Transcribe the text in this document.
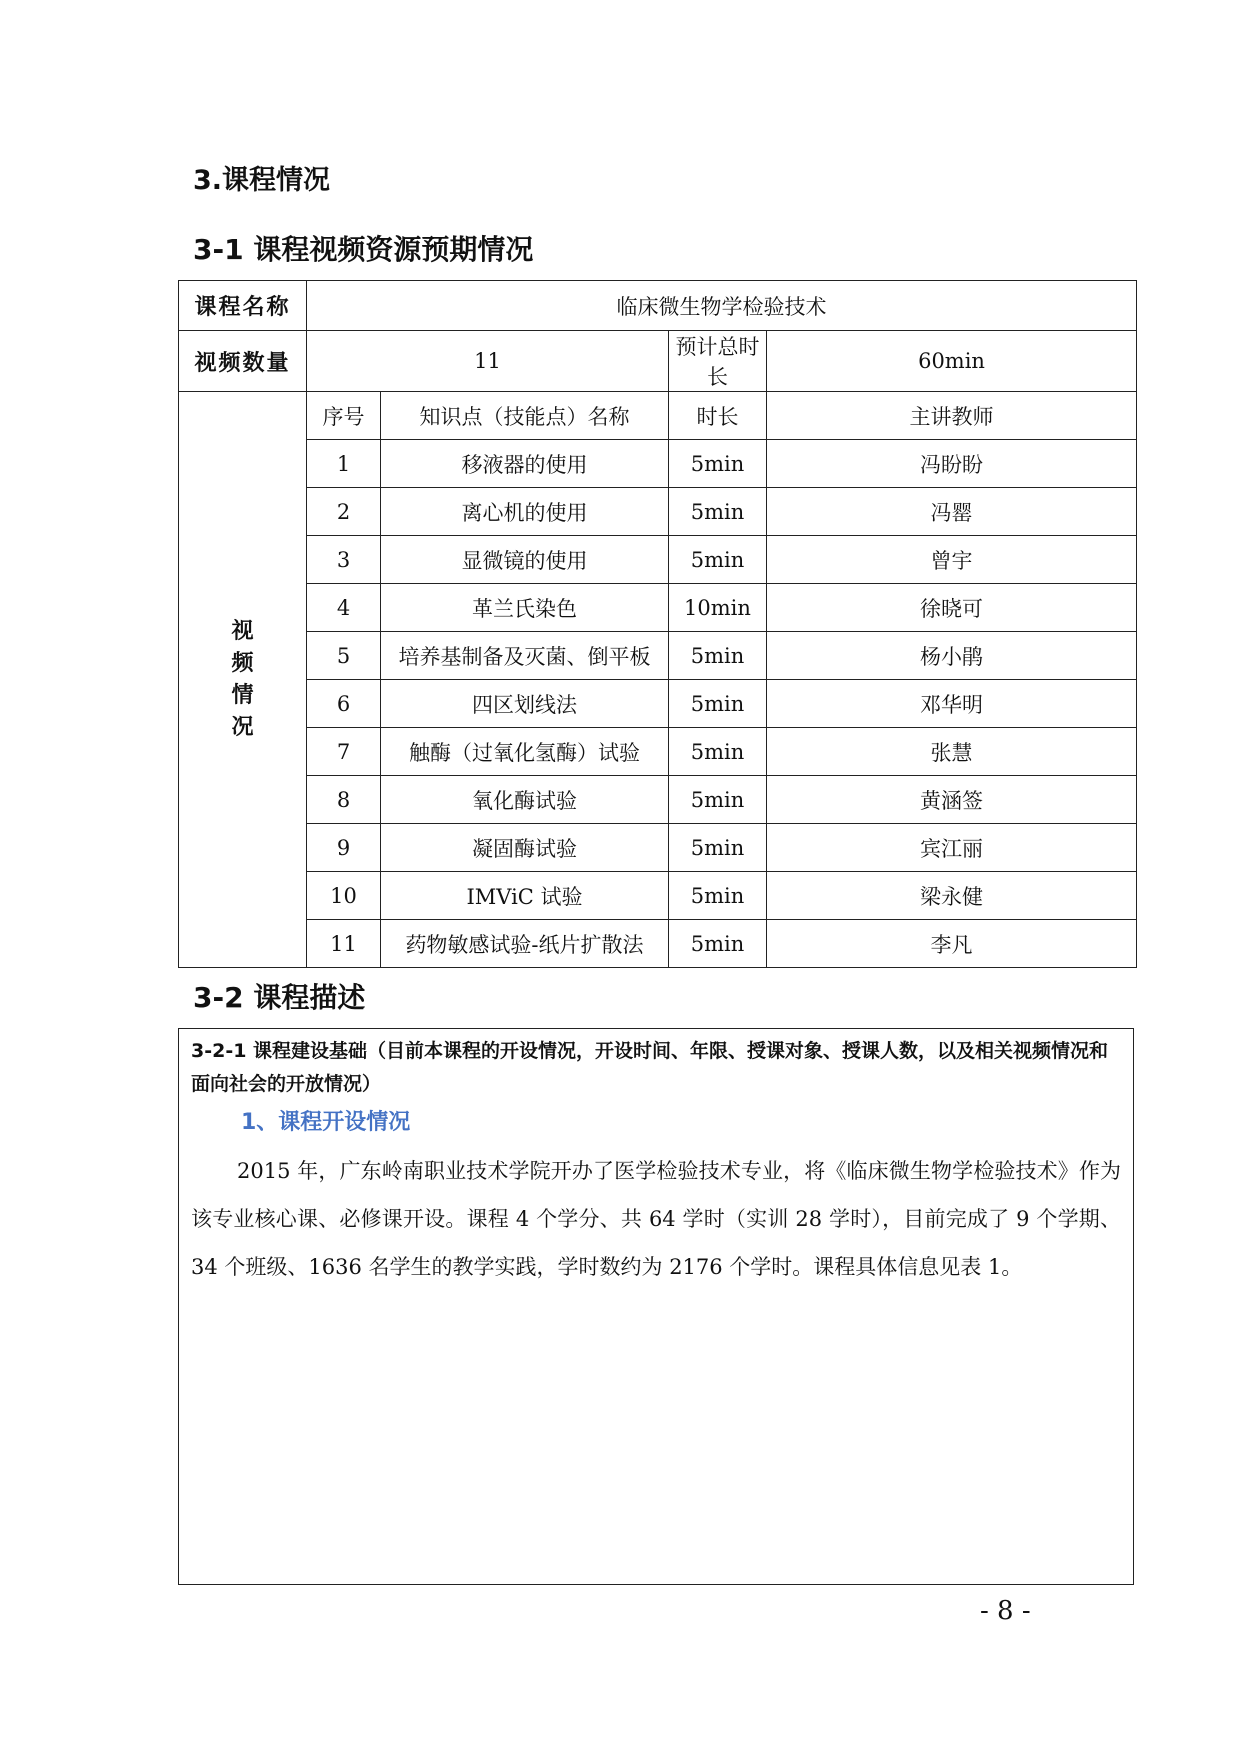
3.课程情况
3-1 课程视频资源预期情况
课程名称	临床微生物学检验技术			
视频数量	11		预计总时长	60min

视
频
情
况	序号	知识点（技能点）名称	时长	主讲教师
	1	移液器的使用	5min	冯盼盼
	2	离心机的使用	5min	冯罂
	3	显微镜的使用	5min	曾宇
	4	革兰氏染色	10min	徐晓可
	5	培养基制备及灭菌、倒平板	5min	杨小鹃
	6	四区划线法	5min	邓华明
	7	触酶（过氧化氢酶）试验	5min	张慧
	8	氧化酶试验	5min	黄涵签
	9	凝固酶试验	5min	宾江丽
	10	IMViC 试验	5min	梁永健
	11	药物敏感试验-纸片扩散法	5min	李凡
3-2 课程描述
3-2-1 课程建设基础（目前本课程的开设情况，开设时间、年限、授课对象、授课人数，以及相关视频情况和面向社会的开放情况）
1、课程开设情况
2015 年，广东岭南职业技术学院开办了医学检验技术专业，将《临床微生物学检验技术》作为该专业核心课、必修课开设。课程 4 个学分、共 64 学时（实训 28 学时），目前完成了 9 个学期、34 个班级、1636 名学生的教学实践，学时数约为 2176 个学时。课程具体信息见表 1。
- 8 -
